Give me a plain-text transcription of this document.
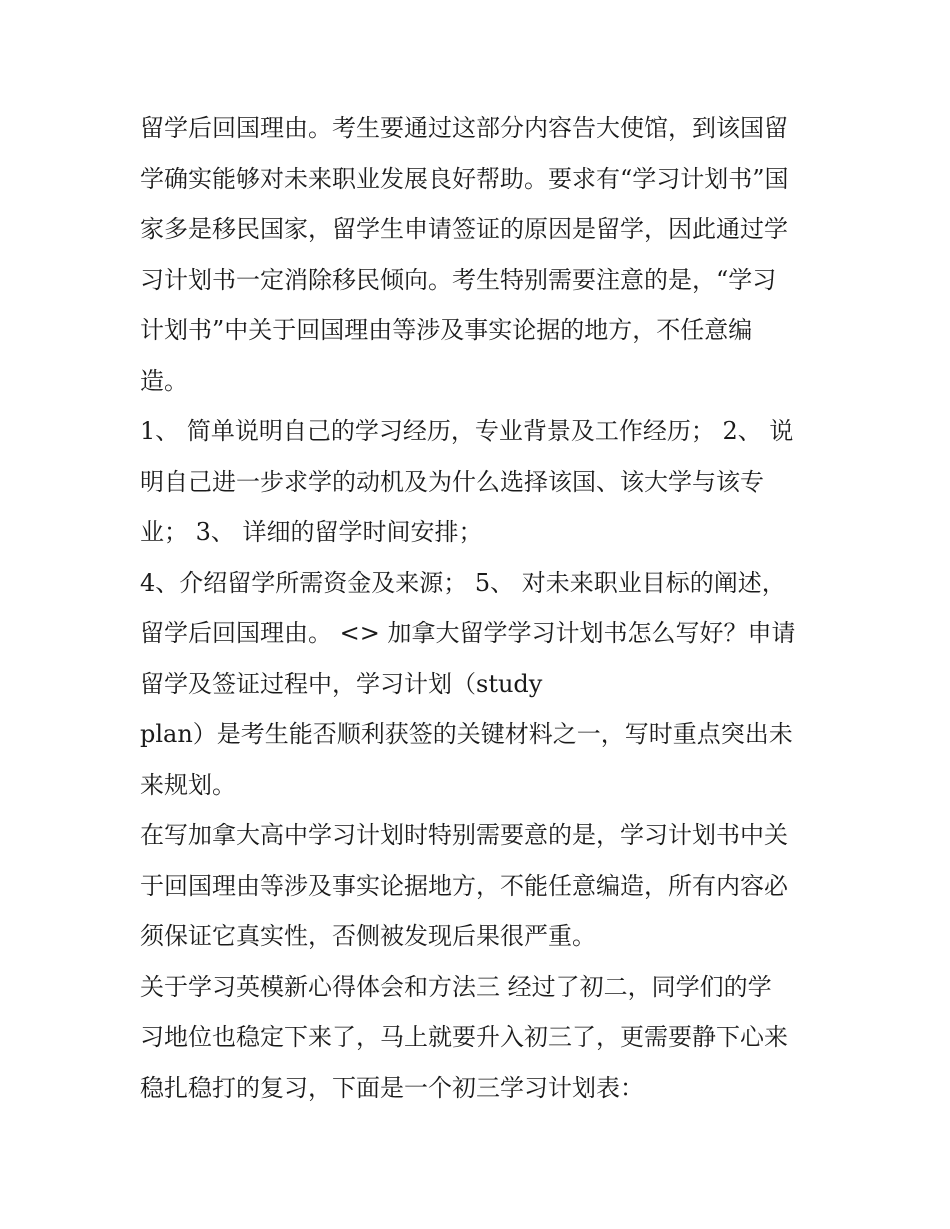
留学后回国理由。考生要通过这部分内容告大使馆，到该国留
学确实能够对未来职业发展良好帮助。要求有“学习计划书”国
家多是移民国家，留学生申请签证的原因是留学，因此通过学
习计划书一定消除移民倾向。考生特别需要注意的是，“学习
计划书”中关于回国理由等涉及事实论据的地方，不任意编
造。
1、 简单说明自己的学习经历，专业背景及工作经历； 2、 说
明自己进一步求学的动机及为什么选择该国、该大学与该专
业； 3、 详细的留学时间安排；
4、介绍留学所需资金及来源； 5、 对未来职业目标的阐述，
留学后回国理由。 <> 加拿大留学学习计划书怎么写好？申请
留学及签证过程中，学习计划（study
plan）是考生能否顺利获签的关键材料之一，写时重点突出未
来规划。
在写加拿大高中学习计划时特别需要意的是，学习计划书中关
于回国理由等涉及事实论据地方，不能任意编造，所有内容必
须保证它真实性，否侧被发现后果很严重。
关于学习英模新心得体会和方法三 经过了初二，同学们的学
习地位也稳定下来了，马上就要升入初三了，更需要静下心来
稳扎稳打的复习，下面是一个初三学习计划表：
